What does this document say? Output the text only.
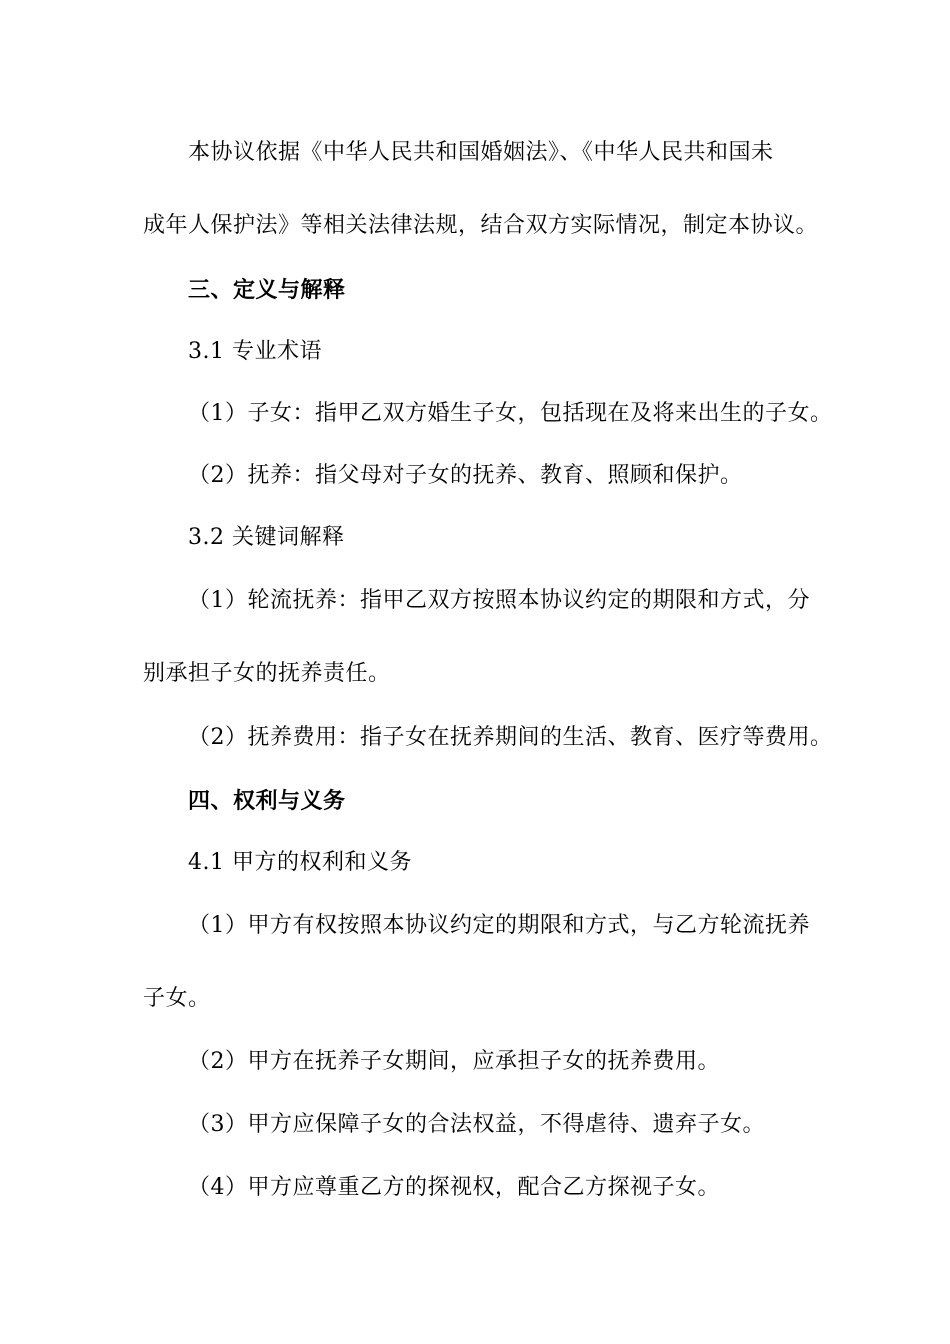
本协议依据《中华人民共和国婚姻法》、《中华人民共和国未
成年人保护法》等相关法律法规，结合双方实际情况，制定本协议。
三、定义与解释
3.1 专业术语
（1）子女：指甲乙双方婚生子女，包括现在及将来出生的子女。
（2）抚养：指父母对子女的抚养、教育、照顾和保护。
3.2 关键词解释
（1）轮流抚养：指甲乙双方按照本协议约定的期限和方式，分
别承担子女的抚养责任。
（2）抚养费用：指子女在抚养期间的生活、教育、医疗等费用。
四、权利与义务
4.1 甲方的权利和义务
（1）甲方有权按照本协议约定的期限和方式，与乙方轮流抚养
子女。
（2）甲方在抚养子女期间，应承担子女的抚养费用。
（3）甲方应保障子女的合法权益，不得虐待、遗弃子女。
（4）甲方应尊重乙方的探视权，配合乙方探视子女。
